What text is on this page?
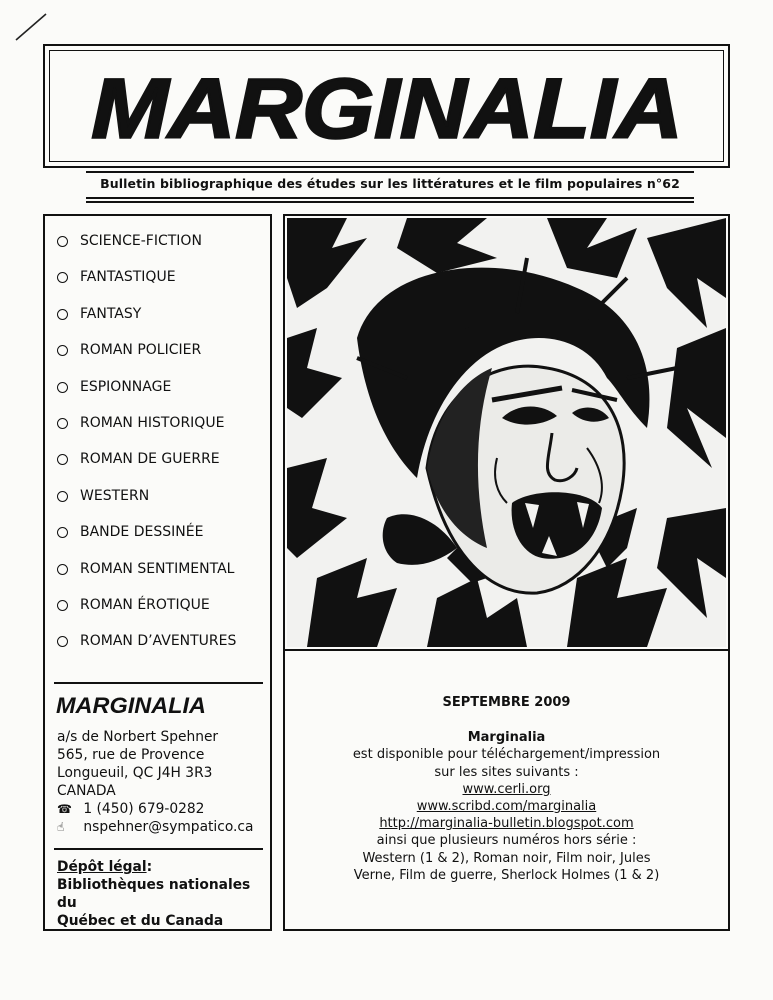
MARGINALIA
Bulletin bibliographique des études sur les littératures et le film populaires n°62
SCIENCE-FICTION
FANTASTIQUE
FANTASY
ROMAN POLICIER
ESPIONNAGE
ROMAN HISTORIQUE
ROMAN DE GUERRE
WESTERN
BANDE DESSINÉE
ROMAN SENTIMENTAL
ROMAN ÉROTIQUE
ROMAN D’AVENTURES
MARGINALIA
a/s de Norbert Spehner
565, rue de Provence
Longueuil, QC J4H 3R3
CANADA
☎ 1 (450) 679-0282
☝ nspehner@sympatico.ca
Dépôt légal:
Bibliothèques nationales du
Québec et du Canada
SEPTEMBRE 2009
Marginalia
est disponible pour téléchargement/impression
sur les sites suivants :
www.cerli.org
www.scribd.com/marginalia
http://marginalia-bulletin.blogspot.com
ainsi que plusieurs numéros hors série :
Western (1 & 2), Roman noir, Film noir, Jules
Verne, Film de guerre, Sherlock Holmes (1 & 2)
